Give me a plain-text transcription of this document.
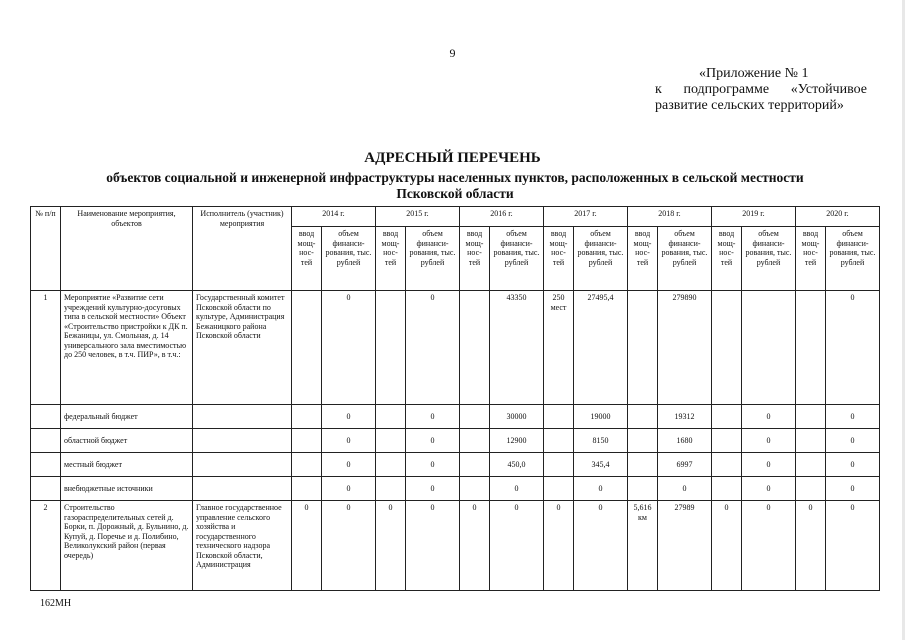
9
«Приложение № 1
к подпрограмме «Устойчивое
развитие сельских территорий»
АДРЕСНЫЙ ПЕРЕЧЕНЬ
объектов социальной и инженерной инфраструктуры населенных пунктов, расположенных в сельской местности
Псковской области
№ п/п	Наименование мероприятия, объектов	Исполнитель (участник) мероприятия	2014 г.		2015 г.		2016 г.		2017 г.		2018 г.		2019 г.		2020 г.	
			ввод мощ-нос-тей	объем финанси-рования, тыс. рублей	ввод мощ-нос-тей	объем финанси-рования, тыс. рублей	ввод мощ-нос-тей	объем финанси-рования, тыс. рублей	ввод мощ-нос-тей	объем финанси-рования, тыс. рублей	ввод мощ-нос-тей	объем финанси-рования, тыс. рублей	ввод мощ-нос-тей	объем финанси-рования, тыс. рублей	ввод мощ-нос-тей	объем финанси-рования, тыс. рублей
1	Мероприятие «Развитие сети учреждений культурно-досуговых типа в сельской местности» Объект «Строительство пристройки к ДК п. Бежаницы, ул. Смольная, д. 14 универсального зала вместимостью до 250 человек, в т.ч. ПИР», в т.ч.:	Государственный комитет Псковской области по культуре, Администрация Бежаницкого района Псковской области		0		0		43350	250 мест	27495,4		279890				0
	федеральный бюджет			0		0		30000		19000		19312		0		0
	областной бюджет			0		0		12900		8150		1680		0		0
	местный бюджет			0		0		450,0		345,4		6997		0		0
	внебюджетные источники			0		0		0		0		0		0		0
2	Строительство газораспределительных сетей д. Борки, п. Дорожный, д. Бульнино, д. Купуй, д. Поречье и д. Полибино, Великолукский район (первая очередь)	Главное государственное управление сельского хозяйства и государственного технического надзора Псковской области, Администрация	0	0	0	0	0	0	0	0	5,616 км	27989	0	0	0	0
162МН
